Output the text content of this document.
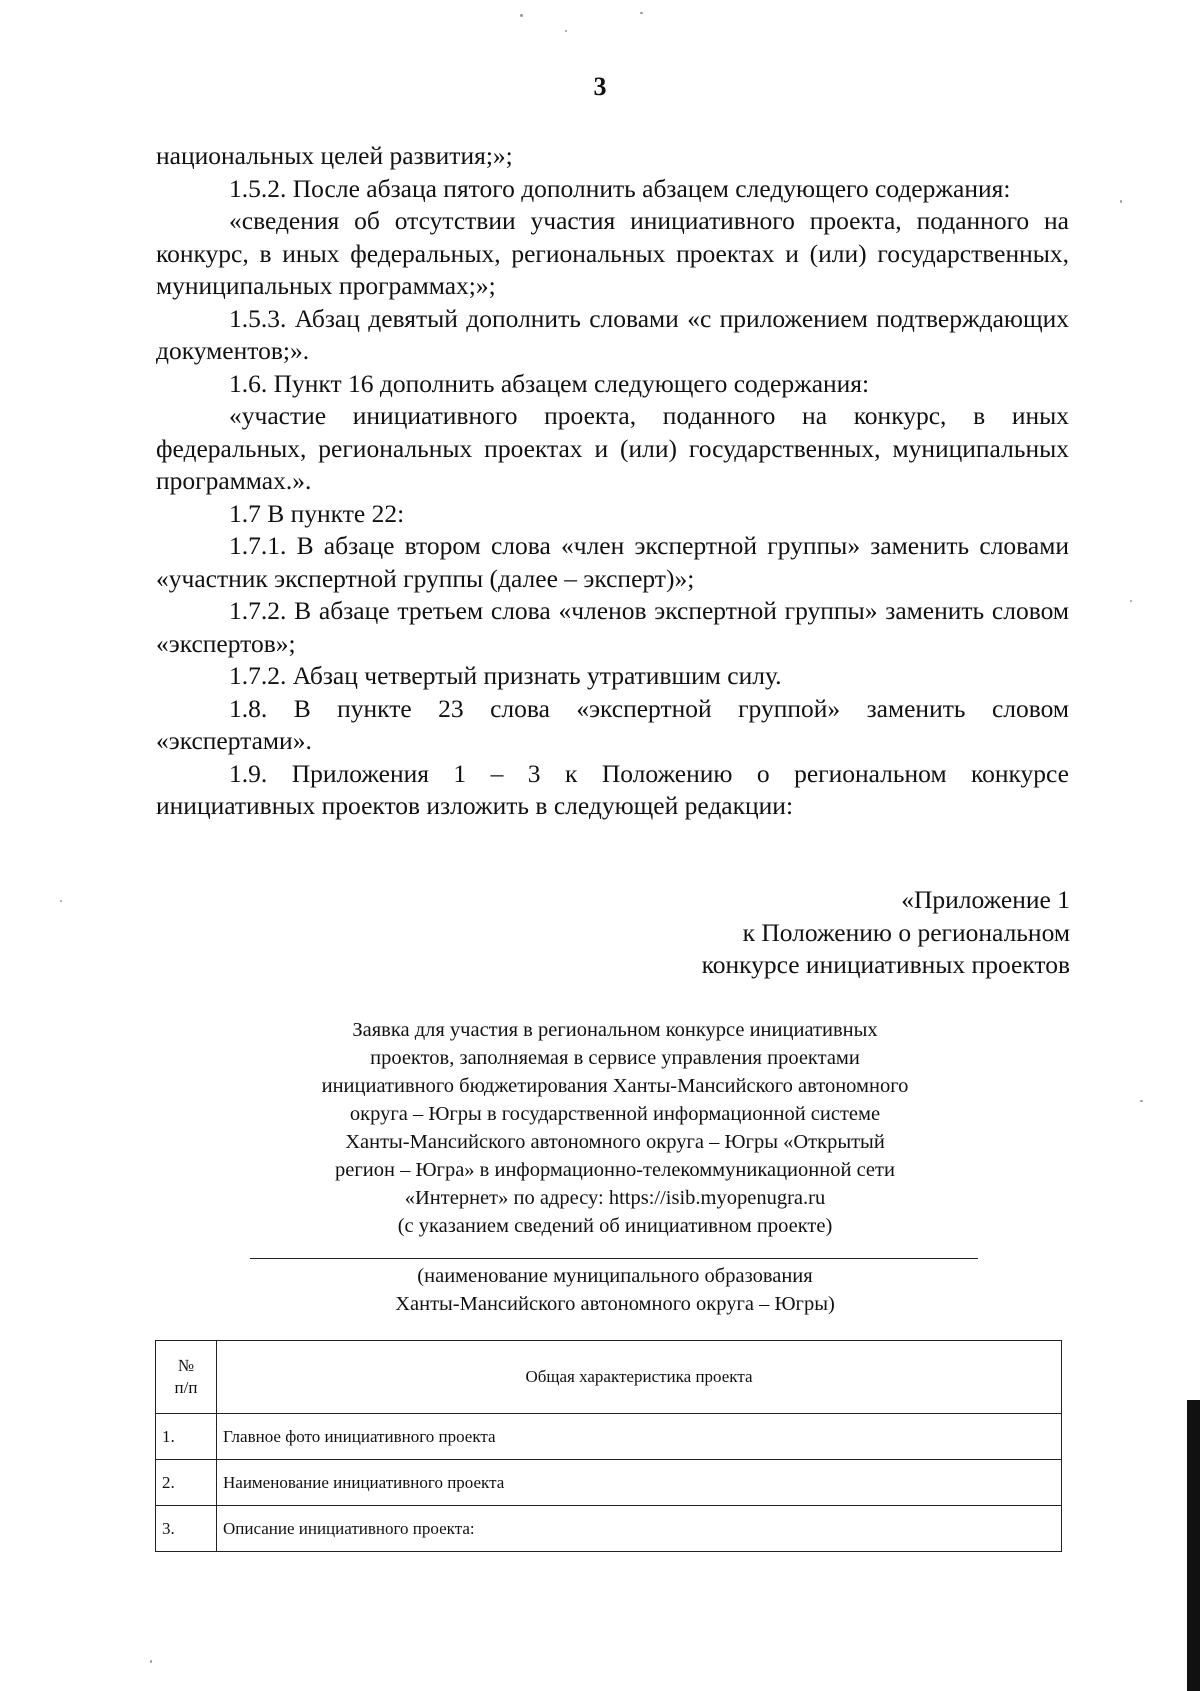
3

национальных целей развития;»;

1.5.2. После абзаца пятого дополнить абзацем следующего содержания:

«сведения об отсутствии участия инициативного проекта, поданного на конкурс, в иных федеральных, региональных проектах и (или) государственных, муниципальных программах;»;

1.5.3. Абзац девятый дополнить словами «с приложением подтверждающих документов;».

1.6. Пункт 16 дополнить абзацем следующего содержания:

«участие инициативного проекта, поданного на конкурс, в иных федеральных, региональных проектах и (или) государственных, муниципальных программах.».

1.7 В пункте 22:

1.7.1. В абзаце втором слова «член экспертной группы» заменить словами «участник экспертной группы (далее – эксперт)»;

1.7.2. В абзаце третьем слова «членов экспертной группы» заменить словом «экспертов»;

1.7.2. Абзац четвертый признать утратившим силу.

1.8. В пункте 23 слова «экспертной группой» заменить словом «экспертами».

1.9. Приложения 1 – 3 к Положению о региональном конкурсе инициативных проектов изложить в следующей редакции:

«Приложение 1
к Положению о региональном
конкурсе инициативных проектов
Заявка для участия в региональном конкурсе инициативных
проектов, заполняемая в сервисе управления проектами
инициативного бюджетирования Ханты-Мансийского автономного
округа – Югры в государственной информационной системе
Ханты-Мансийского автономного округа – Югры «Открытый
регион – Югра» в информационно-телекоммуникационной сети
«Интернет» по адресу: https://isib.myopenugra.ru
(с указанием сведений об инициативном проекте)
(наименование муниципального образования
Ханты-Мансийского автономного округа – Югры)
№
п/п	Общая характеристика проекта
1.	Главное фото инициативного проекта
2.	Наименование инициативного проекта
3.	Описание инициативного проекта:
